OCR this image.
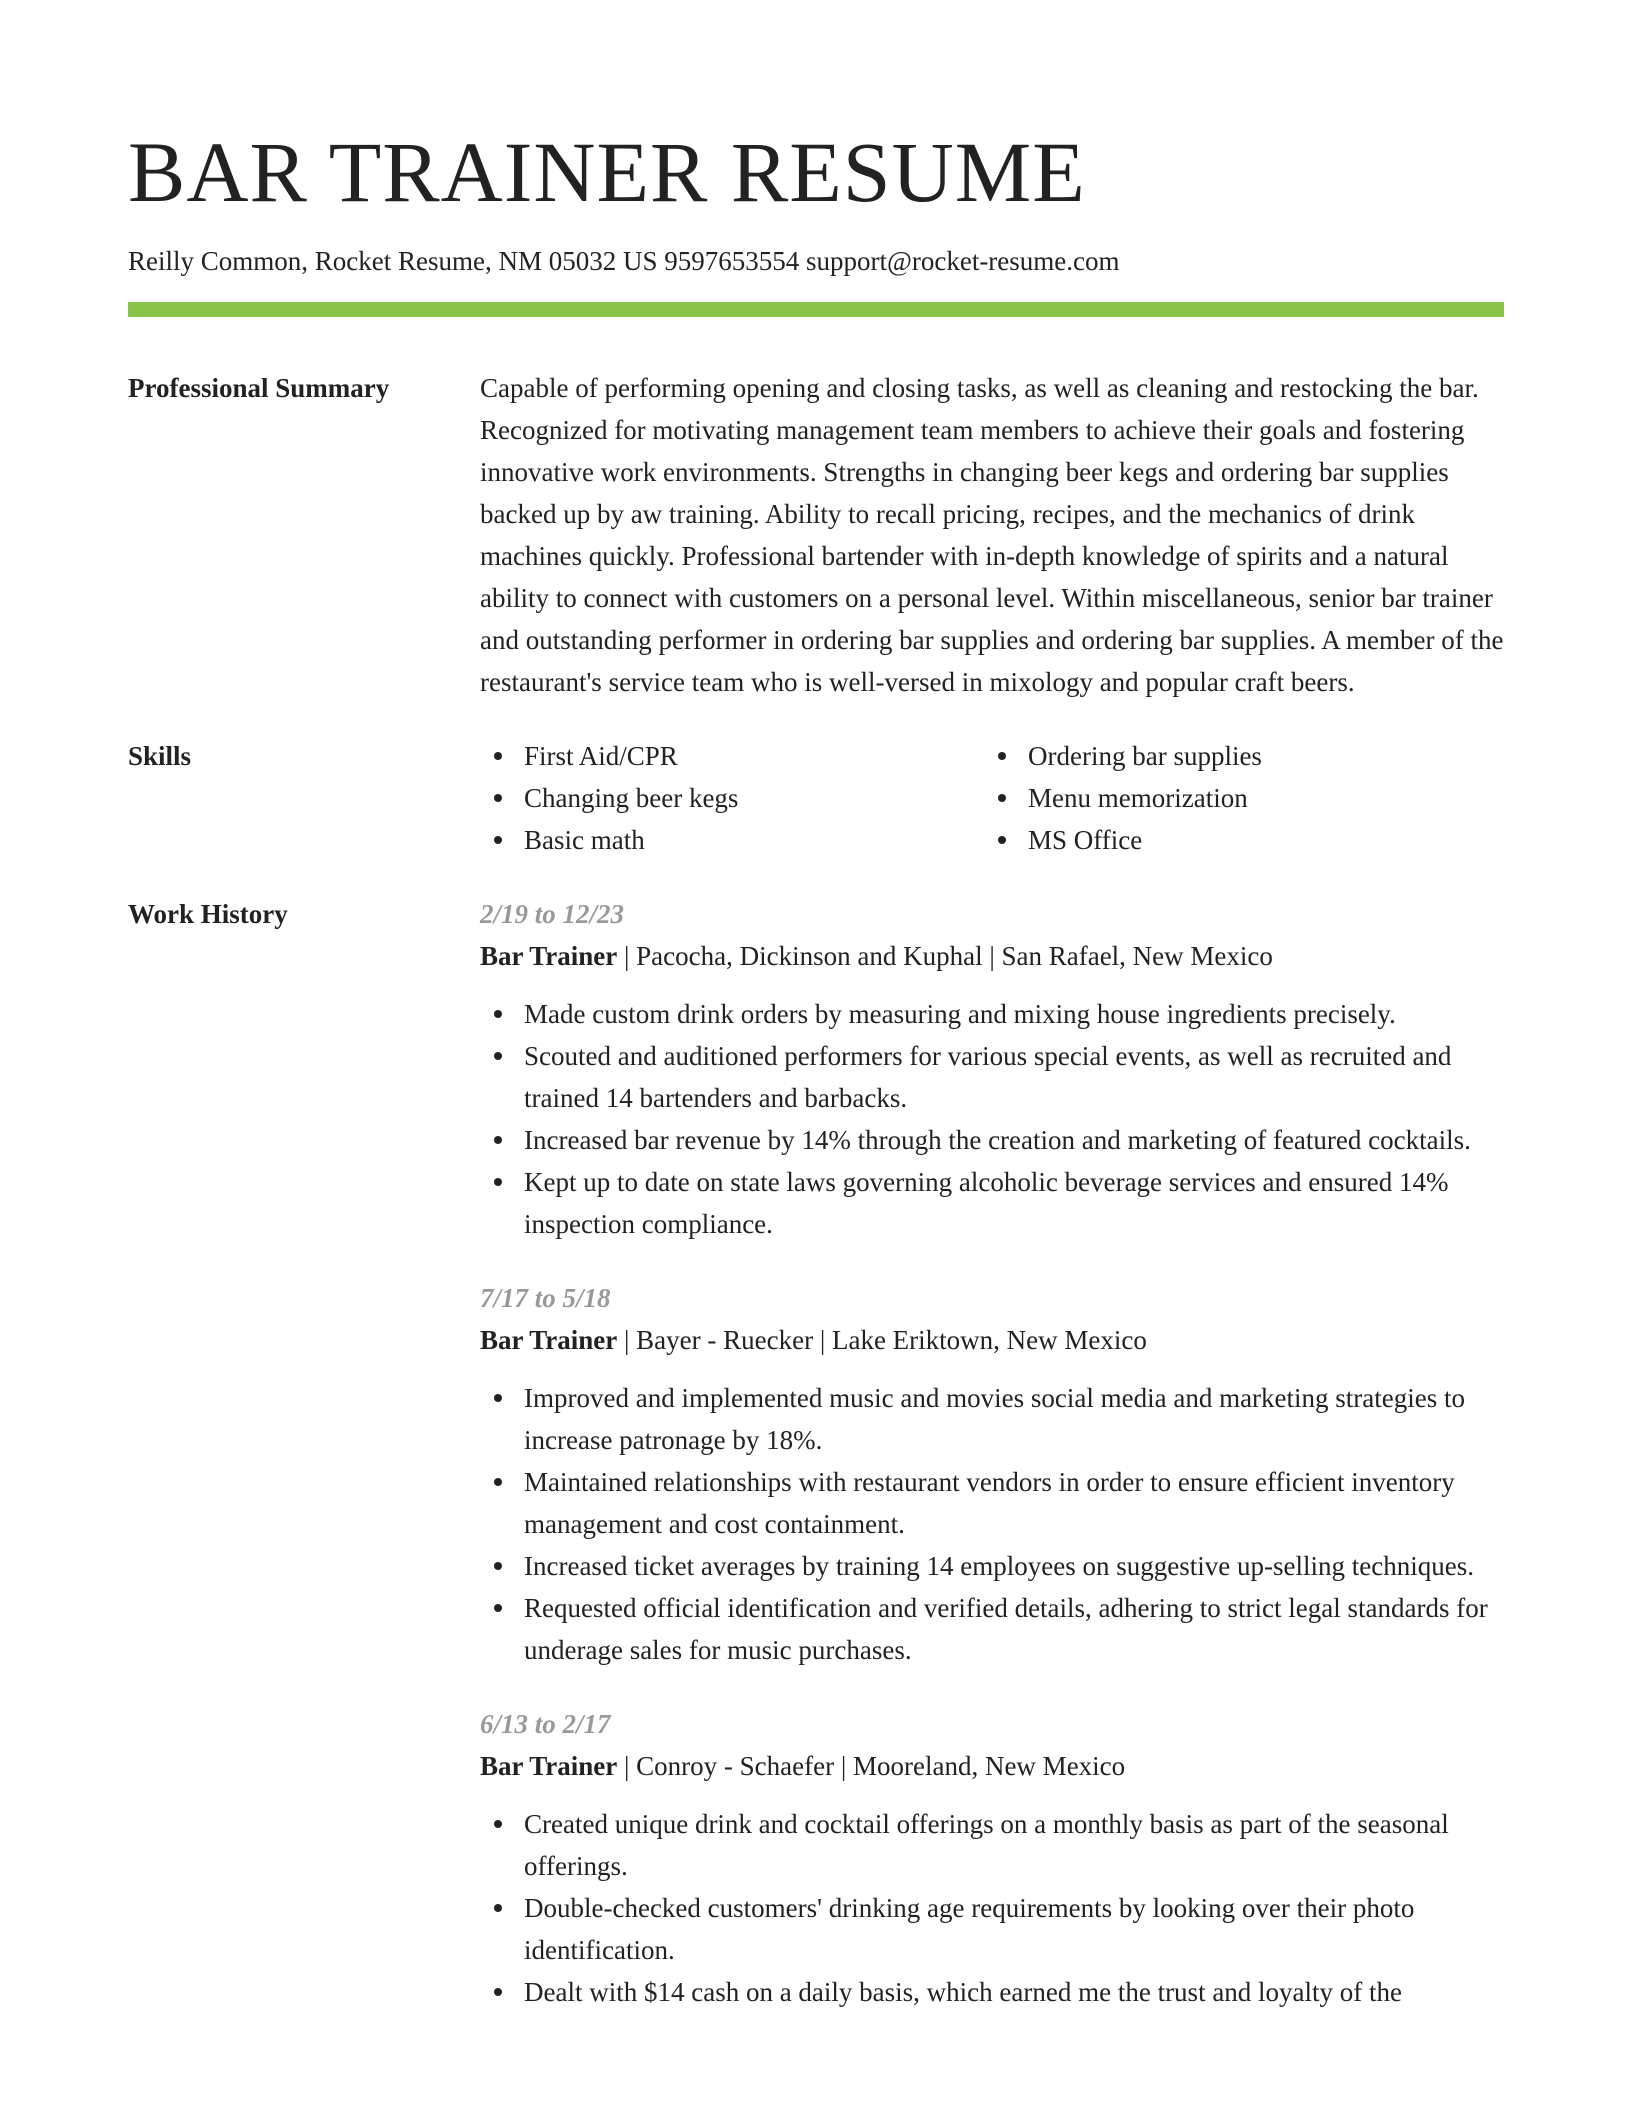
BAR TRAINER RESUME
Reilly Common, Rocket Resume, NM 05032 US 9597653554 support@rocket-resume.com
Professional Summary	Capable of performing opening and closing tasks, as well as cleaning and restocking the bar. Recognized for motivating management team members to achieve their goals and fostering innovative work environments. Strengths in changing beer kegs and ordering bar supplies backed up by aw training. Ability to recall pricing, recipes, and the mechanics of drink machines quickly. Professional bartender with in-depth knowledge of spirits and a natural ability to connect with customers on a personal level. Within miscellaneous, senior bar trainer and outstanding performer in ordering bar supplies and ordering bar supplies. A member of the restaurant's service team who is well-versed in mixology and popular craft beers.
Skills	First Aid/CPR
Changing beer kegs
Basic math
Ordering bar supplies
Menu memorization
MS Office
Work History	2/19 to 12/23
Bar Trainer | Pacocha, Dickinson and Kuphal | San Rafael, New Mexico
Made custom drink orders by measuring and mixing house ingredients precisely.
Scouted and auditioned performers for various special events, as well as recruited and trained 14 bartenders and barbacks.
Increased bar revenue by 14% through the creation and marketing of featured cocktails.
Kept up to date on state laws governing alcoholic beverage services and ensured 14% inspection compliance.
7/17 to 5/18
Bar Trainer | Bayer - Ruecker | Lake Eriktown, New Mexico
Improved and implemented music and movies social media and marketing strategies to increase patronage by 18%.
Maintained relationships with restaurant vendors in order to ensure efficient inventory management and cost containment.
Increased ticket averages by training 14 employees on suggestive up-selling techniques.
Requested official identification and verified details, adhering to strict legal standards for underage sales for music purchases.
6/13 to 2/17
Bar Trainer | Conroy - Schaefer | Mooreland, New Mexico
Created unique drink and cocktail offerings on a monthly basis as part of the seasonal offerings.
Double-checked customers' drinking age requirements by looking over their photo identification.
Dealt with $14 cash on a daily basis, which earned me the trust and loyalty of the
